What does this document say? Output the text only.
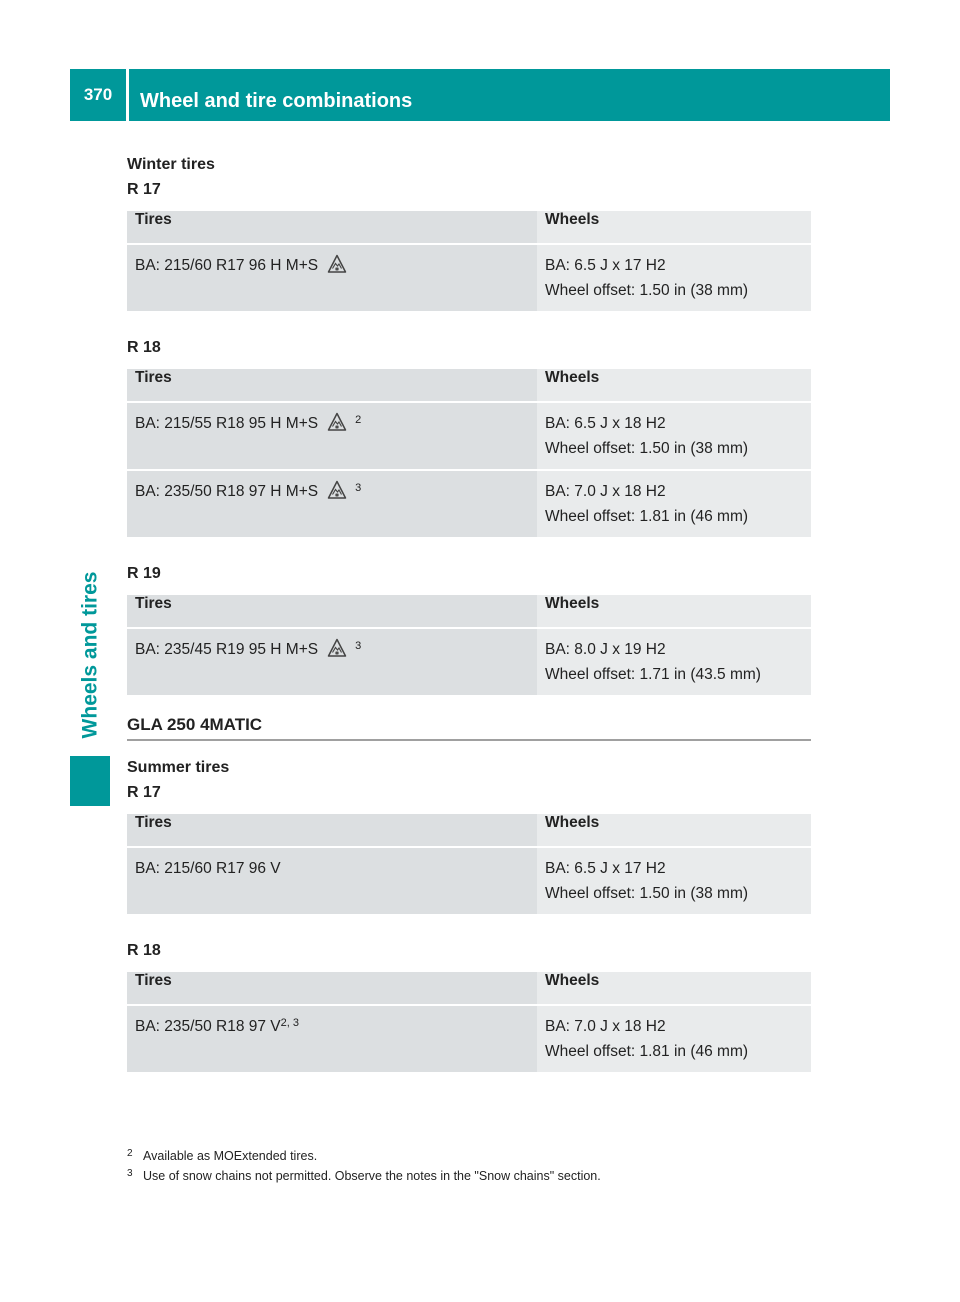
370	Wheel and tire combinations
Wheels and tires
Winter tires
R 17
Tires	Wheels
BA: 215/60 R17 96 H M+S	BA: 6.5 J x 17 H2
Wheel offset: 1.50 in (38 mm)
R 18
Tires	Wheels
BA: 215/55 R18 95 H M+S $^2$	BA: 6.5 J x 18 H2
Wheel offset: 1.50 in (38 mm)

BA: 235/50 R18 97 H M+S $^3$	BA: 7.0 J x 18 H2
Wheel offset: 1.81 in (46 mm)
R 19
Tires	Wheels
BA: 235/45 R19 95 H M+S $^3$	BA: 8.0 J x 19 H2
Wheel offset: 1.71 in (43.5 mm)
GLA 250 4MATIC
Summer tires
R 17
Tires	Wheels
BA: 215/60 R17 96 V	BA: 6.5 J x 17 H2
Wheel offset: 1.50 in (38 mm)
R 18
Tires	Wheels
BA: 235/50 R18 97 V$^{2, 3}$	BA: 7.0 J x 18 H2
Wheel offset: 1.81 in (46 mm)
2 Available as MOExtended tires.
3 Use of snow chains not permitted. Observe the notes in the "Snow chains" section.
